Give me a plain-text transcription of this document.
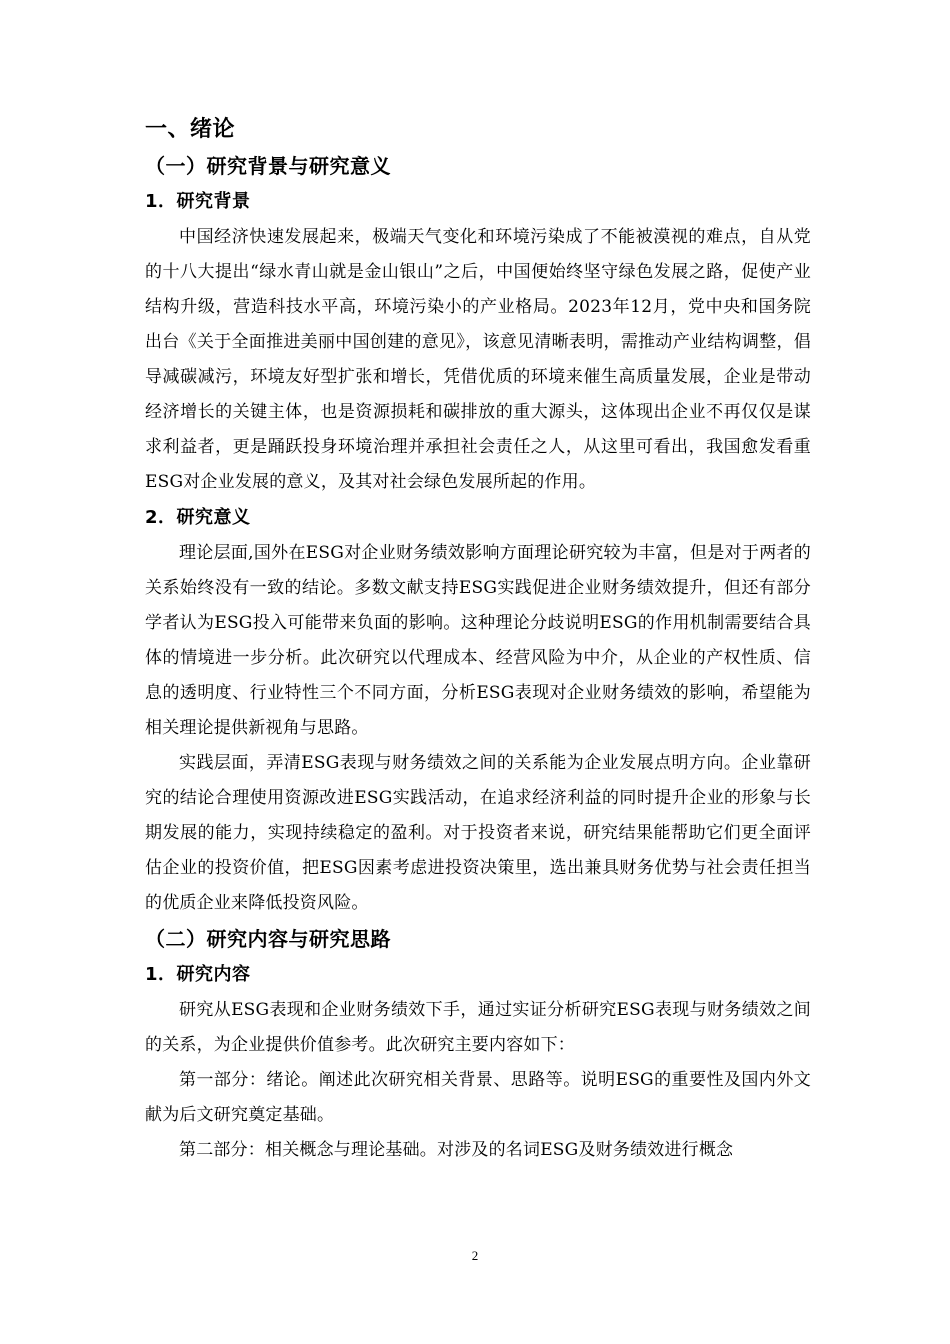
一、绪论
（一）研究背景与研究意义
1．研究背景

中国经济快速发展起来，极端天气变化和环境污染成了不能被漠视的难点，自从党的十八大提出“绿水青山就是金山银山”之后，中国便始终坚守绿色发展之路，促使产业结构升级，营造科技水平高，环境污染小的产业格局。2023年12月，党中央和国务院出台《关于全面推进美丽中国创建的意见》，该意见清晰表明，需推动产业结构调整，倡导减碳减污，环境友好型扩张和增长，凭借优质的环境来催生高质量发展，企业是带动经济增长的关键主体，也是资源损耗和碳排放的重大源头，这体现出企业不再仅仅是谋求利益者，更是踊跃投身环境治理并承担社会责任之人，从这里可看出，我国愈发看重ESG对企业发展的意义，及其对社会绿色发展所起的作用。

2．研究意义

理论层面,国外在ESG对企业财务绩效影响方面理论研究较为丰富，但是对于两者的关系始终没有一致的结论。多数文献支持ESG实践促进企业财务绩效提升，但还有部分学者认为ESG投入可能带来负面的影响。这种理论分歧说明ESG的作用机制需要结合具体的情境进一步分析。此次研究以代理成本、经营风险为中介，从企业的产权性质、信息的透明度、行业特性三个不同方面，分析ESG表现对企业财务绩效的影响，希望能为相关理论提供新视角与思路。

实践层面，弄清ESG表现与财务绩效之间的关系能为企业发展点明方向。企业靠研究的结论合理使用资源改进ESG实践活动，在追求经济利益的同时提升企业的形象与长期发展的能力，实现持续稳定的盈利。对于投资者来说，研究结果能帮助它们更全面评估企业的投资价值，把ESG因素考虑进投资决策里，选出兼具财务优势与社会责任担当的优质企业来降低投资风险。

（二）研究内容与研究思路
1．研究内容

研究从ESG表现和企业财务绩效下手，通过实证分析研究ESG表现与财务绩效之间的关系，为企业提供价值参考。此次研究主要内容如下：

第一部分：绪论。阐述此次研究相关背景、思路等。说明ESG的重要性及国内外文献为后文研究奠定基础。

第二部分：相关概念与理论基础。对涉及的名词ESG及财务绩效进行概念

2
